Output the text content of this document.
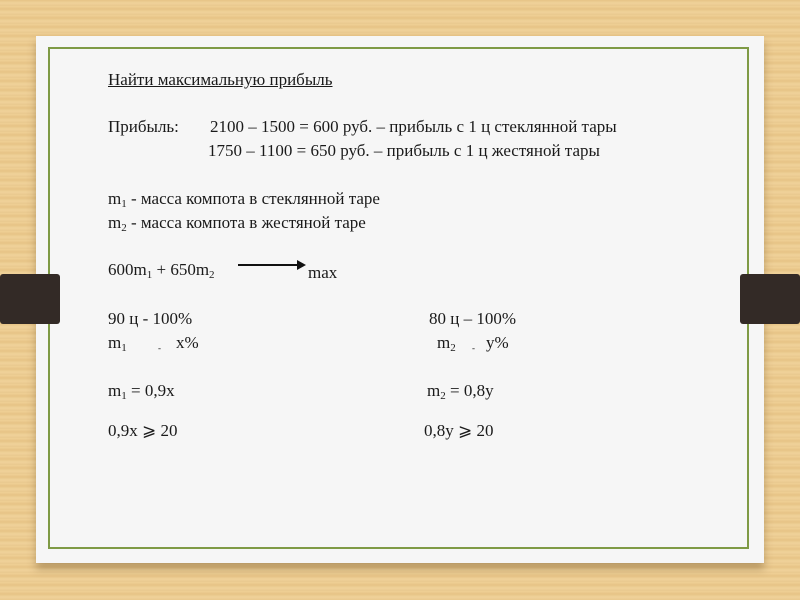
Найти максимальную прибыль
Прибыль: 2100 – 1500 = 600 руб. – прибыль с 1 ц стеклянной тары
1750 – 1100 = 650 руб. – прибыль с 1 ц жестяной тары
$m_1$ - масса компота в стеклянной таре
$m_2$ - масса компота в жестяной таре
$600m_1 + 650m_2$	max
90 ц - 100%
$m_1$	- x%
$m_1 = 0,9x$
0,9x ⩾ 20
80 ц – 100%
$m_2 - y\%$
$m_2 = 0,8y$
0,8y ⩾ 20
